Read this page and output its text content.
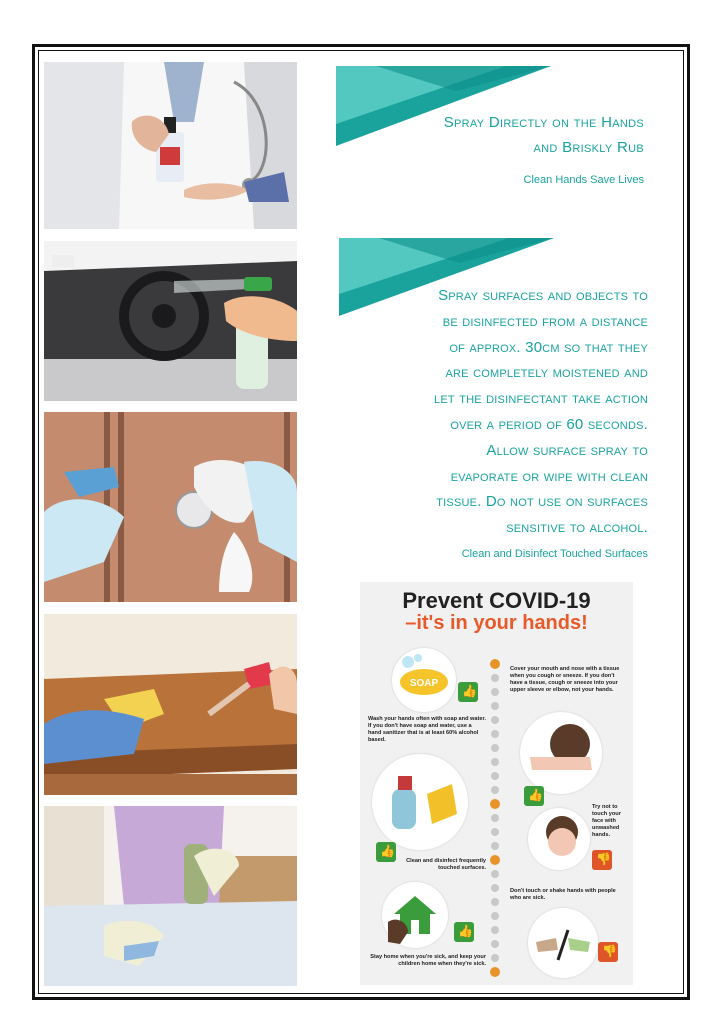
Spray Directly on the Hands
and Briskly Rub
Clean Hands Save Lives
Spray surfaces and objects to
be disinfected from a distance
of approx. 30cm so that they
are completely moistened and
let the disinfectant take action
over a period of 60 seconds.
Allow surface spray to
evaporate or wipe with clean
tissue. Do not use on surfaces
sensitive to alcohol.
Clean and Disinfect Touched Surfaces
Prevent COVID-19
–it's in your hands!
SOAP
👍
Wash your hands often with soap and water. If you don't have soap and water, use a hand sanitizer that is at least 60% alcohol based.
Cover your mouth and nose with a tissue when you cough or sneeze. If you don't have a tissue, cough or sneeze into your upper sleeve or elbow, not your hands.
👍
👍
Clean and disinfect frequently touched surfaces.
Try not to touch your face with unwashed hands.
👎
Don't touch or shake hands with people who are sick.
👍
Stay home when you're sick, and keep your children home when they're sick.
👎
